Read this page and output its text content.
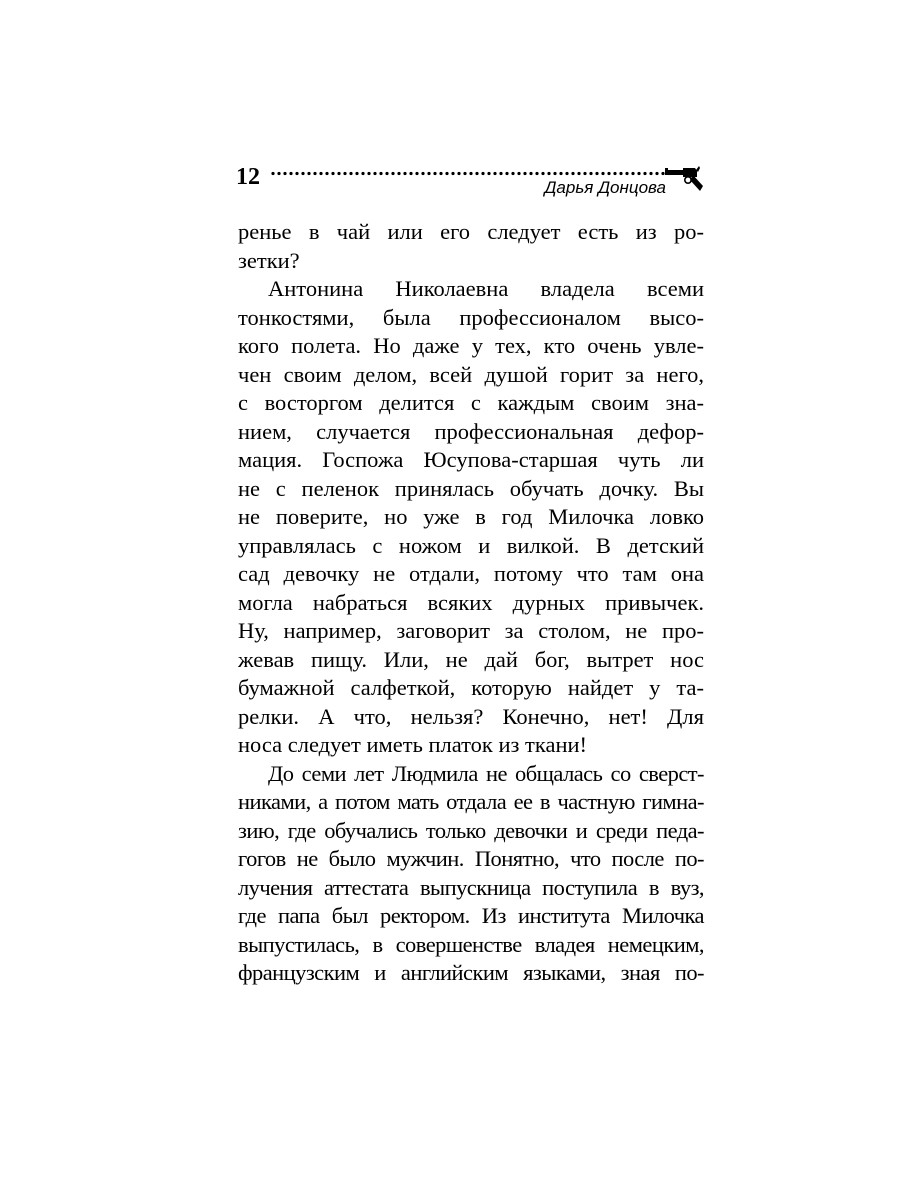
12	Дарья Донцова
ренье в чай или его следует есть из ро-
зетки?
Антонина Николаевна владела всеми
тонкостями, была профессионалом высо-
кого полета. Но даже у тех, кто очень увле-
чен своим делом, всей душой горит за него,
с восторгом делится с каждым своим зна-
нием, случается профессиональная дефор-
мация. Госпожа Юсупова-старшая чуть ли
не с пеленок принялась обучать дочку. Вы
не поверите, но уже в год Милочка ловко
управлялась с ножом и вилкой. В детский
сад девочку не отдали, потому что там она
могла набраться всяких дурных привычек.
Ну, например, заговорит за столом, не про-
жевав пищу. Или, не дай бог, вытрет нос
бумажной салфеткой, которую найдет у та-
релки. А что, нельзя? Конечно, нет! Для
носа следует иметь платок из ткани!
До семи лет Людмила не общалась со сверст-
никами, а потом мать отдала ее в частную гимна-
зию, где обучались только девочки и среди педа-
гогов не было мужчин. Понятно, что после по-
лучения аттестата выпускница поступила в вуз,
где папа был ректором. Из института Милочка
выпустилась, в совершенстве владея немецким,
французским и английским языками, зная по-
